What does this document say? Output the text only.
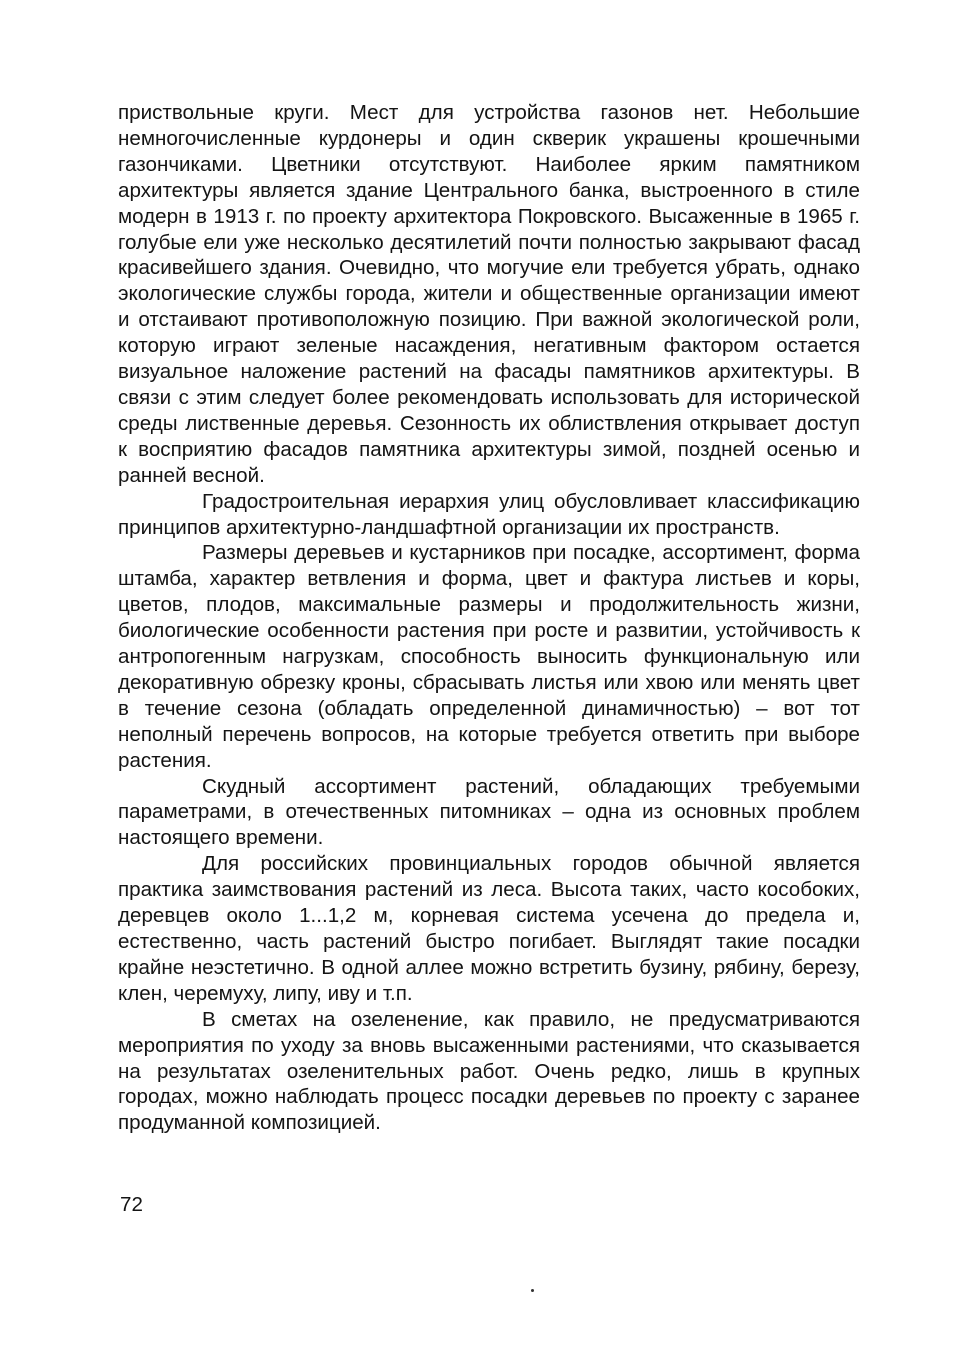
приствольные круги. Мест для устройства газонов нет. Небольшие немногочисленные курдонеры и один скверик украшены крошечными газончиками. Цветники отсутствуют. Наиболее ярким памятником архитектуры является здание Центрального банка, выстроенного в стиле модерн в 1913 г. по проекту архитектора Покровского. Высаженные в 1965 г. голубые ели уже несколько десятилетий почти полностью закрывают фасад красивейшего здания. Очевидно, что могучие ели требуется убрать, однако экологические службы города, жители и общественные организации имеют и отстаивают противоположную позицию. При важной экологической роли, которую играют зеленые насаждения, негативным фактором остается визуальное наложение растений на фасады памятников архитектуры. В связи с этим следует более рекомендовать использовать для исторической среды лиственные деревья. Сезонность их облиствления открывает доступ к восприятию фасадов памятника архитектуры зимой, поздней осенью и ранней весной.

Градостроительная иерархия улиц обусловливает классификацию принципов архитектурно-ландшафтной организации их пространств.

Размеры деревьев и кустарников при посадке, ассортимент, форма штамба, характер ветвления и форма, цвет и фактура листьев и коры, цветов, плодов, максимальные размеры и продолжительность жизни, биологические особенности растения при росте и развитии, устойчивость к антропогенным нагрузкам, способность выносить функциональную или декоративную обрезку кроны, сбрасывать листья или хвою или менять цвет в течение сезона (обладать определенной динамичностью) – вот тот неполный перечень вопросов, на которые требуется ответить при выборе растения.

Скудный ассортимент растений, обладающих требуемыми параметрами, в отечественных питомниках – одна из основных проблем настоящего времени.

Для российских провинциальных городов обычной является практика заимствования растений из леса. Высота таких, часто кособоких, деревцев около 1...1,2 м, корневая система усечена до предела и, естественно, часть растений быстро погибает. Выглядят такие посадки крайне неэстетично. В одной аллее можно встретить бузину, рябину, березу, клен, черемуху, липу, иву и т.п.

В сметах на озеленение, как правило, не предусматриваются мероприятия по уходу за вновь высаженными растениями, что сказывается на результатах озеленительных работ. Очень редко, лишь в крупных городах, можно наблюдать процесс посадки деревьев по проекту с заранее продуманной композицией.

72
